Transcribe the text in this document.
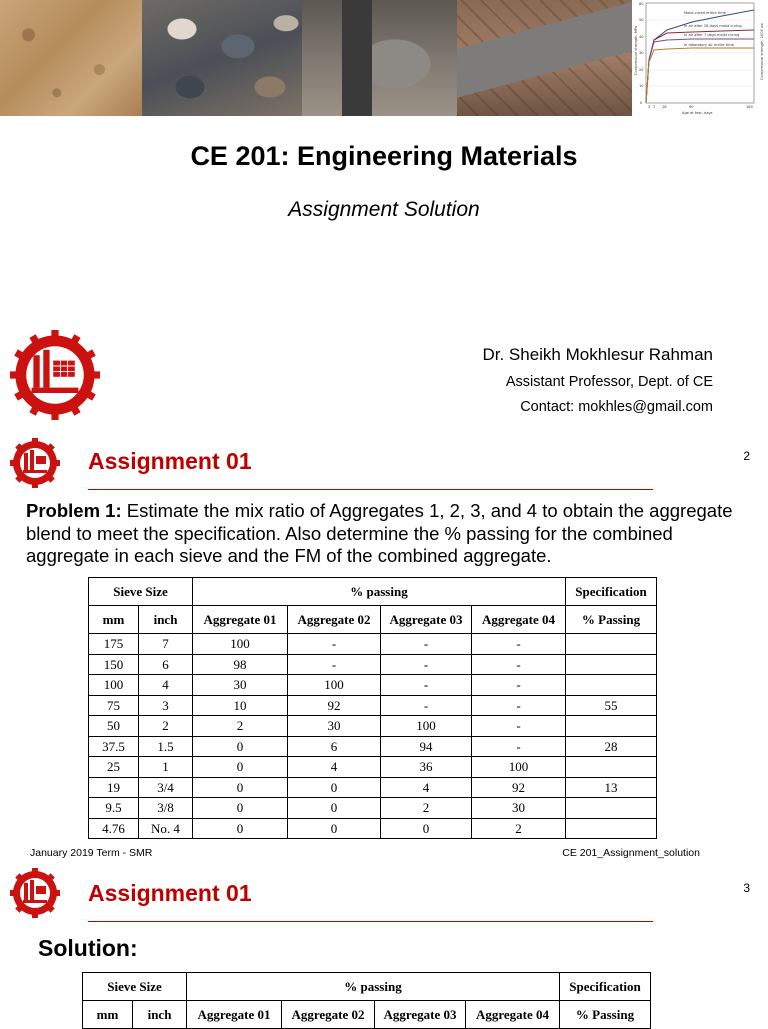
Moist-cured entire time
In air after 28 days moist curing
In air after 7 days moist curing
In laboratory air entire time
Age at test, days
3 7 28	90	180
0
10
20
30
40
50
60
Compressive strength, MPa	Compressive strength, 1000 psi
CE 201: Engineering Materials
Assignment Solution
Dr. Sheikh Mokhlesur Rahman
Assistant Professor, Dept. of CE
Contact: mokhles@gmail.com
Assignment 01	2
Problem 1: Estimate the mix ratio of Aggregates 1, 2, 3, and 4 to obtain the aggregate blend to meet the specification. Also determine the % passing for the combined aggregate in each sieve and the FM of the combined aggregate.
Sieve Size		% passing				Specification
mm	inch	Aggregate 01	Aggregate 02	Aggregate 03	Aggregate 04	% Passing
175	7	100	-	-	-	
150	6	98	-	-	-	
100	4	30	100	-	-	
75	3	10	92	-	-	55
50	2	2	30	100	-	
37.5	1.5	0	6	94	-	28
25	1	0	4	36	100	
19	3/4	0	0	4	92	13
9.5	3/8	0	0	2	30	
4.76	No. 4	0	0	0	2	
January 2019 Term - SMR	CE 201_Assignment_solution
Assignment 01	3
Solution:
Sieve Size		% passing				Specification
mm	inch	Aggregate 01	Aggregate 02	Aggregate 03	Aggregate 04	% Passing
